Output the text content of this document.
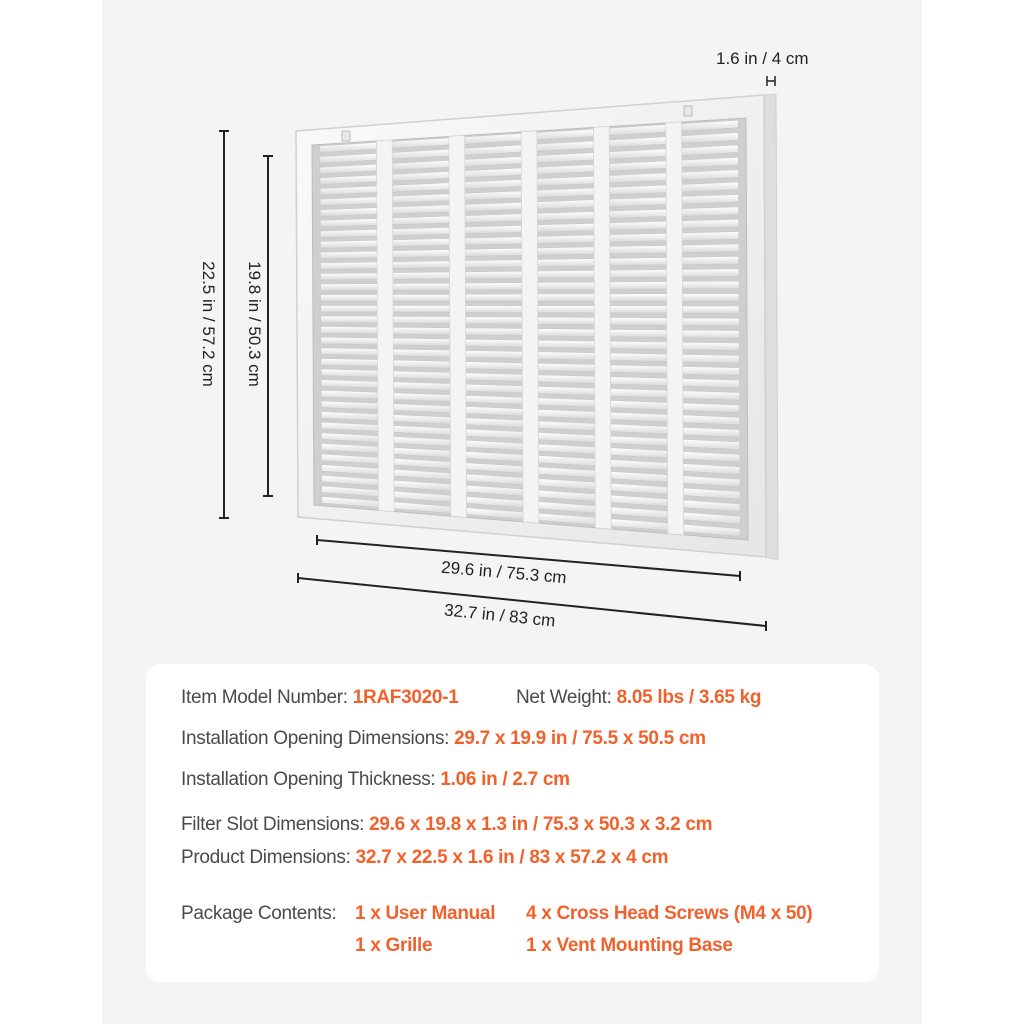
1.6 in / 4 cm
22.5 in / 57.2 cm 19.8 in / 50.3 cm
29.6 in / 75.3 cm
32.7 in / 83 cm
Item Model Number: 1RAF3020-1	Net Weight: 8.05 lbs / 3.65 kg
Installation Opening Dimensions: 29.7 x 19.9 in / 75.5 x 50.5 cm
Installation Opening Thickness: 1.06 in / 2.7 cm
Filter Slot Dimensions: 29.6 x 19.8 x 1.3 in / 75.3 x 50.3 x 3.2 cm
Product Dimensions: 32.7 x 22.5 x 1.6 in / 83 x 57.2 x 4 cm
Package Contents: 1 x User Manual 4 x Cross Head Screws (M4 x 50)
1 x Grille	1 x Vent Mounting Base
